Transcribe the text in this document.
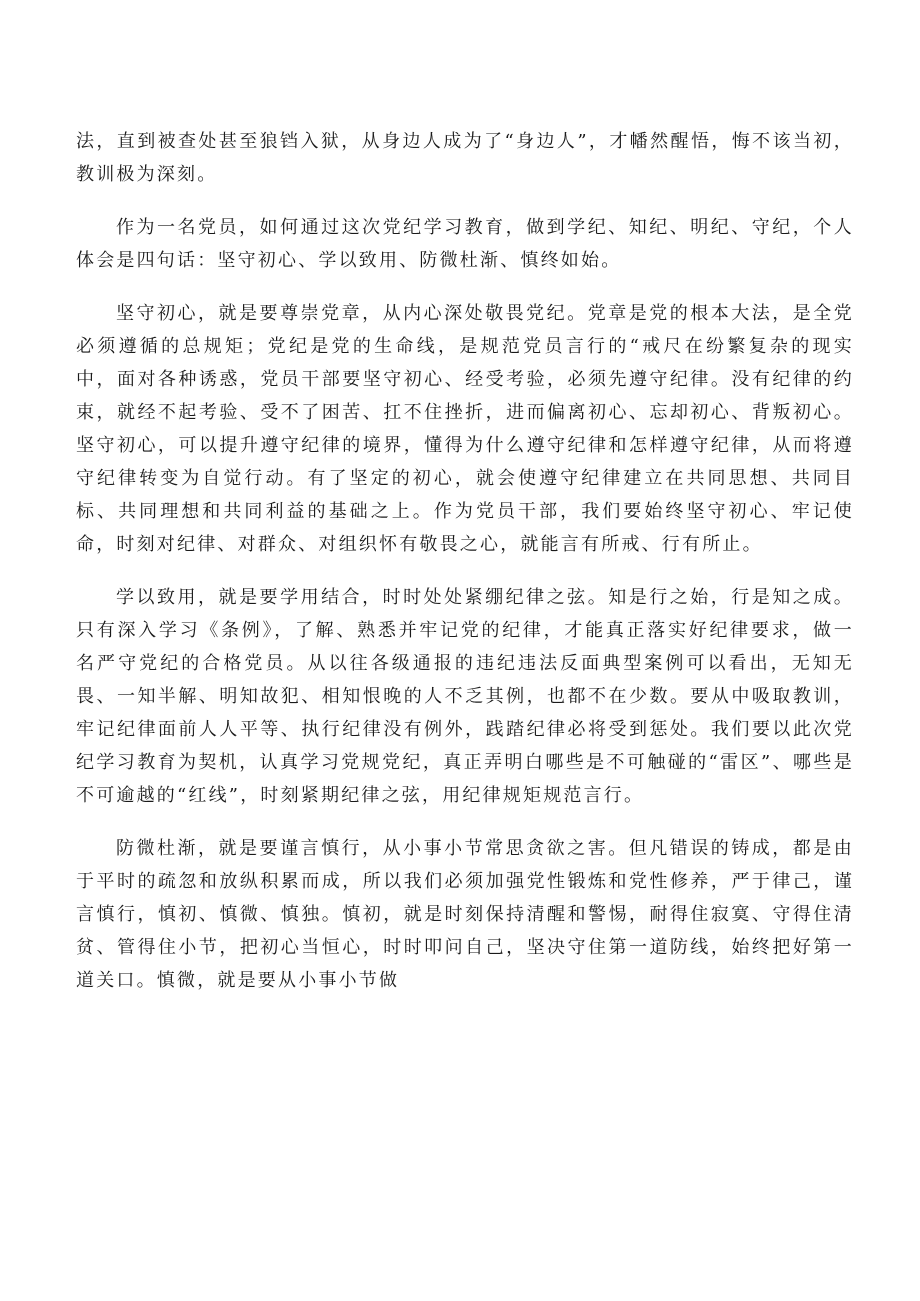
法，直到被查处甚至狼铛入狱，从身边人成为了“身边人”，才幡然醒悟，悔不该当初，教训极为深刻。

作为一名党员，如何通过这次党纪学习教育，做到学纪、知纪、明纪、守纪，个人体会是四句话：坚守初心、学以致用、防微杜渐、慎终如始。

坚守初心，就是要尊崇党章，从内心深处敬畏党纪。党章是党的根本大法，是全党必须遵循的总规矩；党纪是党的生命线，是规范党员言行的“戒尺在纷繁复杂的现实中，面对各种诱惑，党员干部要坚守初心、经受考验，必须先遵守纪律。没有纪律的约束，就经不起考验、受不了困苦、扛不住挫折，进而偏离初心、忘却初心、背叛初心。坚守初心，可以提升遵守纪律的境界，懂得为什么遵守纪律和怎样遵守纪律，从而将遵守纪律转变为自觉行动。有了坚定的初心，就会使遵守纪律建立在共同思想、共同目标、共同理想和共同利益的基础之上。作为党员干部，我们要始终坚守初心、牢记使命，时刻对纪律、对群众、对组织怀有敬畏之心，就能言有所戒、行有所止。

学以致用，就是要学用结合，时时处处紧绷纪律之弦。知是行之始，行是知之成。只有深入学习《条例》，了解、熟悉并牢记党的纪律，才能真正落实好纪律要求，做一名严守党纪的合格党员。从以往各级通报的违纪违法反面典型案例可以看出，无知无畏、一知半解、明知故犯、相知恨晚的人不乏其例，也都不在少数。要从中吸取教训，牢记纪律面前人人平等、执行纪律没有例外，践踏纪律必将受到惩处。我们要以此次党纪学习教育为契机，认真学习党规党纪，真正弄明白哪些是不可触碰的“雷区”、哪些是不可逾越的“红线”，时刻紧期纪律之弦，用纪律规矩规范言行。

防微杜渐，就是要谨言慎行，从小事小节常思贪欲之害。但凡错误的铸成，都是由于平时的疏忽和放纵积累而成，所以我们必须加强党性锻炼和党性修养，严于律己，谨言慎行，慎初、慎微、慎独。慎初，就是时刻保持清醒和警惕，耐得住寂寞、守得住清贫、管得住小节，把初心当恒心，时时叩问自己，坚决守住第一道防线，始终把好第一道关口。慎微，就是要从小事小节做
